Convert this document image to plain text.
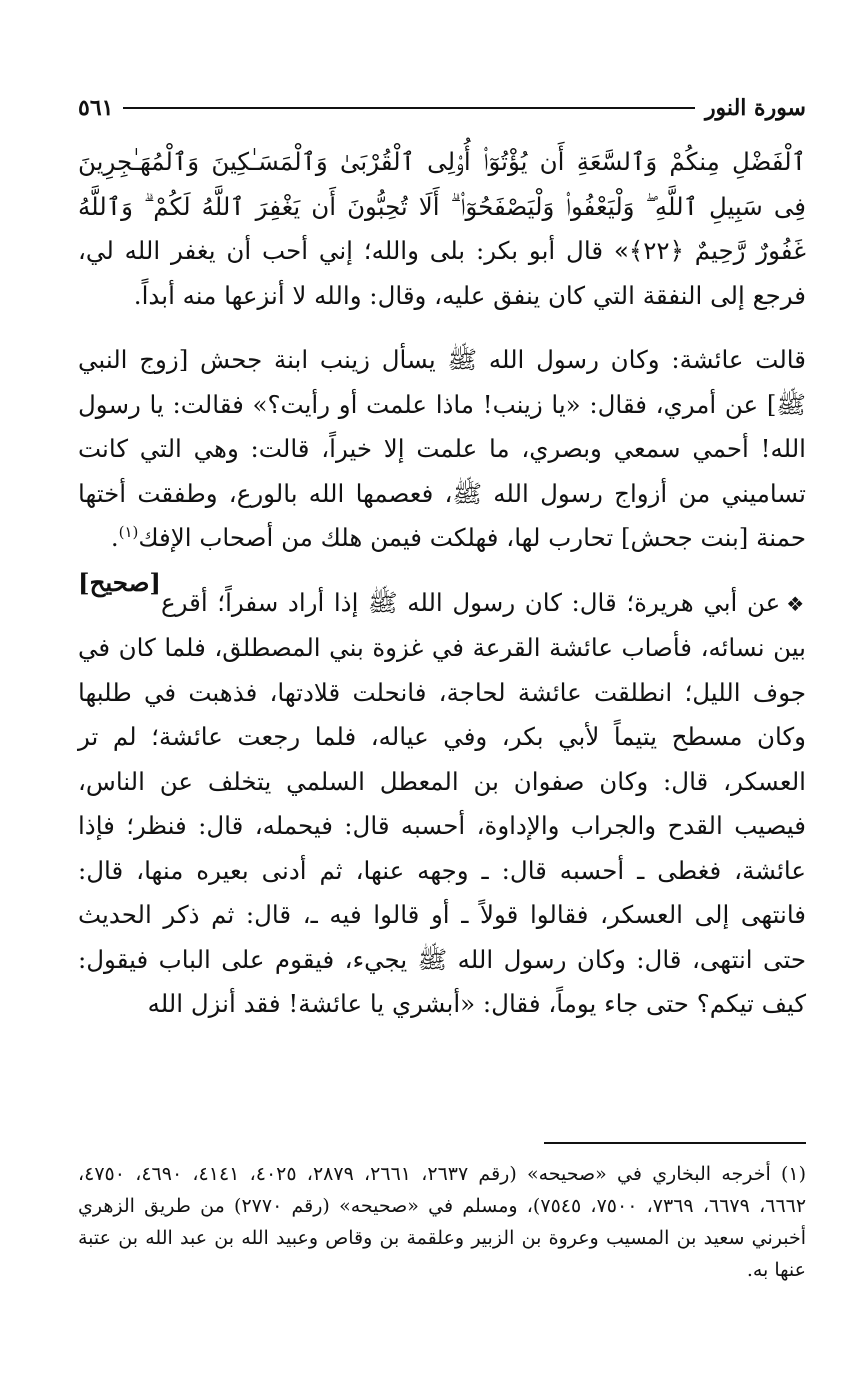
سورة النور
٥٦١

ٱلْفَضْلِ مِنكُمْ وَٱلسَّعَةِ أَن يُؤْتُوٓا۟ أُو۟لِى ٱلْقُرْبَىٰ وَٱلْمَسَـٰكِينَ وَٱلْمُهَـٰجِرِينَ فِى سَبِيلِ ٱللَّهِ ۖ وَلْيَعْفُوا۟ وَلْيَصْفَحُوٓا۟ ۗ أَلَا تُحِبُّونَ أَن يَغْفِرَ ٱللَّهُ لَكُمْ ۗ وَٱللَّهُ غَفُورٌ رَّحِيمٌ ﴿٢٢﴾» قال أبو بكر: بلى والله؛ إني أحب أن يغفر الله لي، فرجع إلى النفقة التي كان ينفق عليه، وقال: والله لا أنزعها منه أبداً.

قالت عائشة: وكان رسول الله ﷺ يسأل زينب ابنة جحش [زوج النبي ﷺ] عن أمري، فقال: «يا زينب! ماذا علمت أو رأيت؟» فقالت: يا رسول الله! أحمي سمعي وبصري، ما علمت إلا خيراً، قالت: وهي التي كانت تساميني من أزواج رسول الله ﷺ، فعصمها الله بالورع، وطفقت أختها حمنة [بنت جحش] تحارب لها، فهلكت فيمن هلك من أصحاب الإفك$^{(١)}$.
[صحيح]

❖عن أبي هريرة؛ قال: كان رسول الله ﷺ إذا أراد سفراً؛ أقرع بين نسائه، فأصاب عائشة القرعة في غزوة بني المصطلق، فلما كان في جوف الليل؛ انطلقت عائشة لحاجة، فانحلت قلادتها، فذهبت في طلبها وكان مسطح يتيماً لأبي بكر، وفي عياله، فلما رجعت عائشة؛ لم تر العسكر، قال: وكان صفوان بن المعطل السلمي يتخلف عن الناس، فيصيب القدح والجراب والإداوة، أحسبه قال: فيحمله، قال: فنظر؛ فإذا عائشة، فغطى ـ أحسبه قال: ـ وجهه عنها، ثم أدنى بعيره منها، قال: فانتهى إلى العسكر، فقالوا قولاً ـ أو قالوا فيه ـ، قال: ثم ذكر الحديث حتى انتهى، قال: وكان رسول الله ﷺ يجيء، فيقوم على الباب فيقول: كيف تيكم؟ حتى جاء يوماً، فقال: «أبشري يا عائشة! فقد أنزل الله

(١) أخرجه البخاري في «صحيحه» (رقم ٢٦٣٧، ٢٦٦١، ٢٨٧٩، ٤٠٢٥، ٤١٤١، ٤٦٩٠، ٤٧٥٠، ٦٦٦٢، ٦٦٧٩، ٧٣٦٩، ٧٥٠٠، ٧٥٤٥)، ومسلم في «صحيحه» (رقم ٢٧٧٠) من طريق الزهري أخبرني سعيد بن المسيب وعروة بن الزبير وعلقمة بن وقاص وعبيد الله بن عبد الله بن عتبة عنها به.
